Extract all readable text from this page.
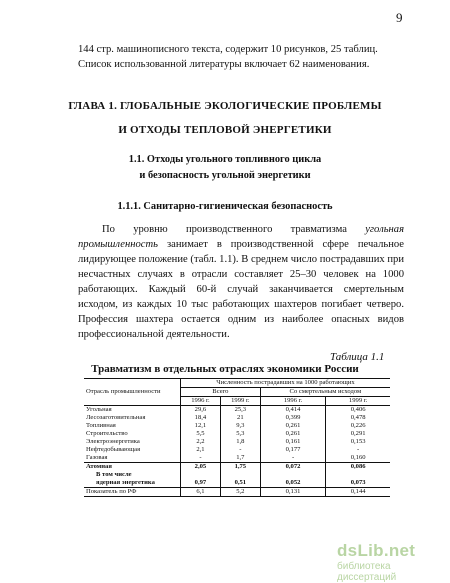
9

144 стр. машинописного текста, содержит 10 рисунков, 25 таблиц. Список использованной литературы включает 62 наименования.

ГЛАВА 1. ГЛОБАЛЬНЫЕ ЭКОЛОГИЧЕСКИЕ ПРОБЛЕМЫ
И ОТХОДЫ ТЕПЛОВОЙ ЭНЕРГЕТИКИ
1.1. Отходы угольного топливного цикла
и безопасность угольной энергетики
1.1.1. Санитарно-гигиеническая безопасность

По уровню производственного травматизма угольная промышленность занимает в производственной сфере печальное лидирующее положение (табл. 1.1). В среднем число пострадавших при несчастных случаях в отрасли составляет 25–30 человек на 1000 работающих. Каждый 60-й случай заканчивается смертельным исходом, из каждых 10 тыс работающих шахтеров погибает четверо. Профессия шахтера остается одним из наиболее опасных видов профессиональной деятельности.

Таблица 1.1
Травматизм в отдельных отраслях экономики России
Отрасль промышленности	Численность пострадавших на 1000 работающих			
	Всего		Со смертельным исходом	
	1996 г.	1999 г.	1996 г.	1999 г.
Угольная	29,6	25,3	0,414	0,406
Лесозаготовительная	18,4	21	0,399	0,478
Топливная	12,1	9,3	0,261	0,226
Строительство	5,5	5,3	0,261	0,291
Электроэнергетика	2,2	1,8	0,161	0,153
Нефтедобывающая	2,1	-	0,177	-
Газовая	-	1,7	-	0,160
Атомная	2,05	1,75	0,072	0,086
В том числе				
ядерная энергетика	0,97	0,51	0,052	0,073
Показатель по РФ	6,1	5,2	0,131	0,144
dsLib.net
библиотека диссертаций
